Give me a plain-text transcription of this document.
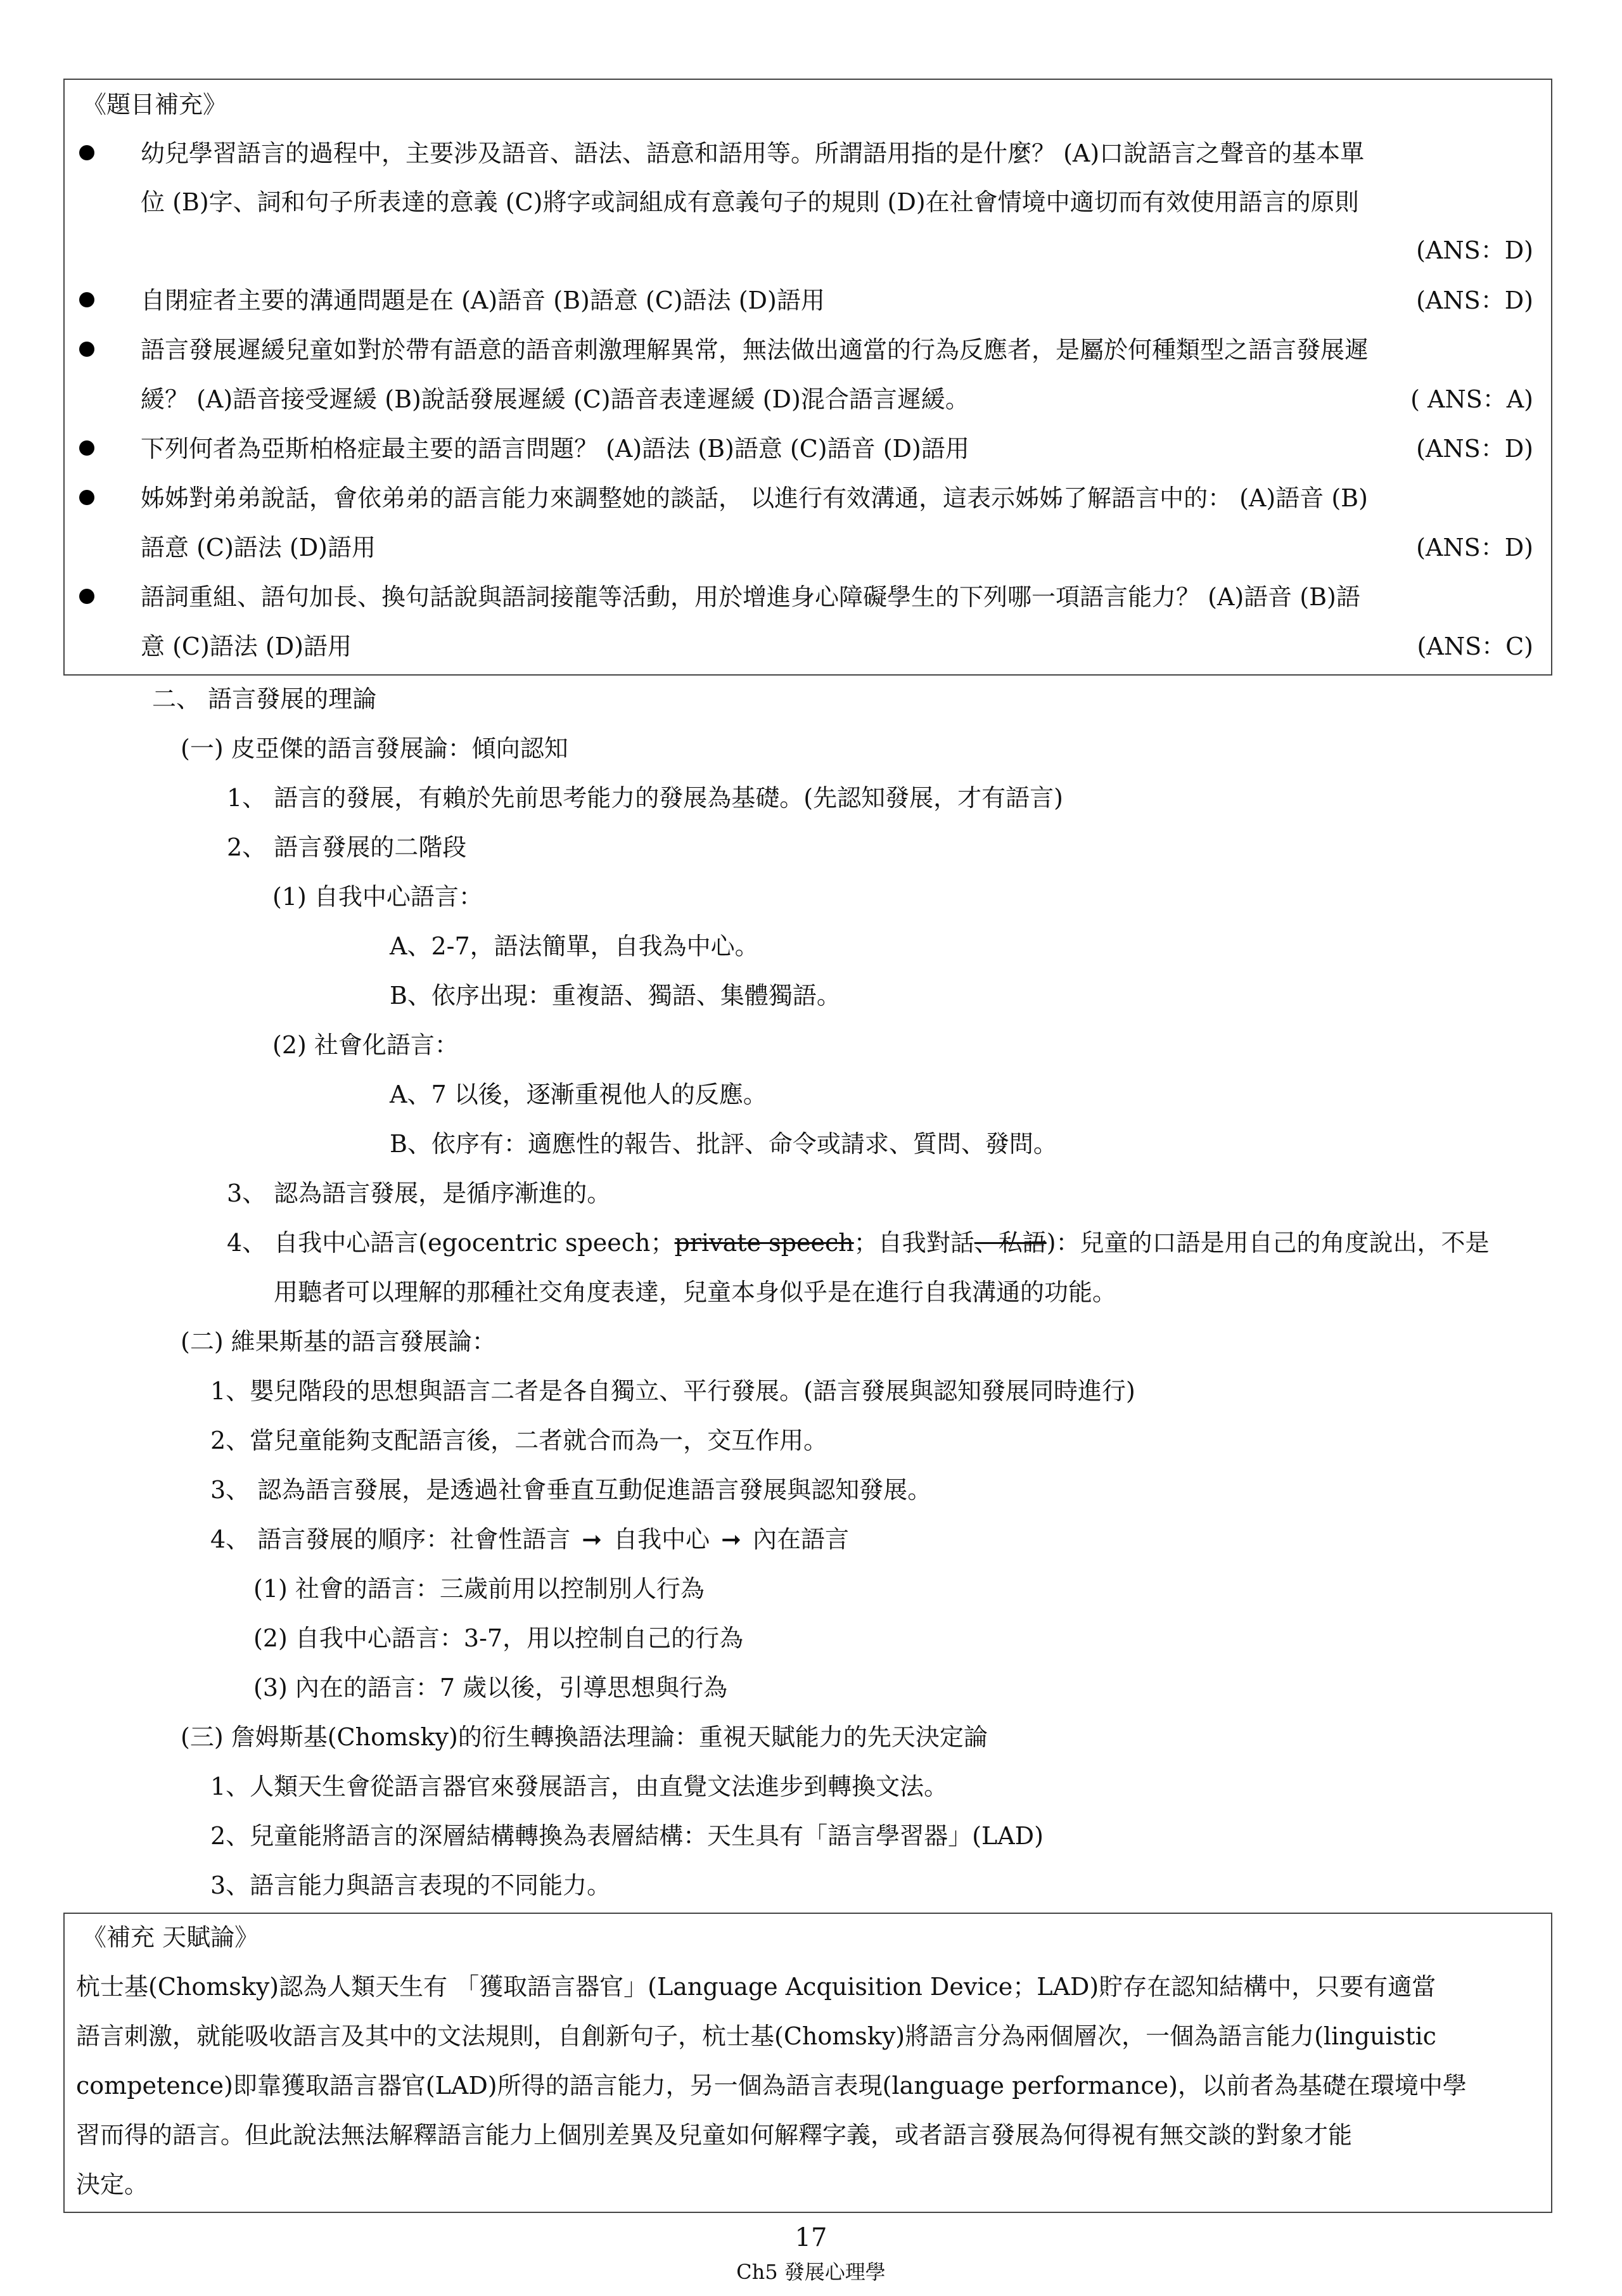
《題目補充》
幼兒學習語言的過程中，主要涉及語音、語法、語意和語用等。所謂語用指的是什麼？ (A)口說語言之聲音的基本單
位 (B)字、詞和句子所表達的意義 (C)將字或詞組成有意義句子的規則 (D)在社會情境中適切而有效使用語言的原則
(ANS：D)
自閉症者主要的溝通問題是在 (A)語音 (B)語意 (C)語法 (D)語用	(ANS：D)
語言發展遲緩兒童如對於帶有語意的語音刺激理解異常，無法做出適當的行為反應者，是屬於何種類型之語言發展遲
緩？ (A)語音接受遲緩 (B)說話發展遲緩 (C)語音表達遲緩 (D)混合語言遲緩。	( ANS：A)
下列何者為亞斯柏格症最主要的語言問題？ (A)語法 (B)語意 (C)語音 (D)語用	(ANS：D)
姊姊對弟弟說話，會依弟弟的語言能力來調整她的談話， 以進行有效溝通，這表示姊姊了解語言中的： (A)語音 (B)
語意 (C)語法 (D)語用	(ANS：D)
語詞重組、語句加長、換句話說與語詞接龍等活動，用於增進身心障礙學生的下列哪一項語言能力？ (A)語音 (B)語
意 (C)語法 (D)語用	(ANS：C)
二、 語言發展的理論
(一) 皮亞傑的語言發展論：傾向認知
1、 語言的發展，有賴於先前思考能力的發展為基礎。(先認知發展，才有語言)
2、 語言發展的二階段
(1) 自我中心語言：
A、2-7，語法簡單，自我為中心。
B、依序出現：重複語、獨語、集體獨語。
(2) 社會化語言：
A、7 以後，逐漸重視他人的反應。
B、依序有：適應性的報告、批評、命令或請求、質問、發問。
3、 認為語言發展，是循序漸進的。
4、 自我中心語言(egocentric speech；private speech；自我對話、私語)：兒童的口語是用自己的角度說出，不是
用聽者可以理解的那種社交角度表達，兒童本身似乎是在進行自我溝通的功能。
(二) 維果斯基的語言發展論：
1、嬰兒階段的思想與語言二者是各自獨立、平行發展。(語言發展與認知發展同時進行)
2、當兒童能夠支配語言後，二者就合而為一，交互作用。
3、 認為語言發展，是透過社會垂直互動促進語言發展與認知發展。
4、 語言發展的順序：社會性語言 ➞ 自我中心 ➞ 內在語言
(1) 社會的語言：三歲前用以控制別人行為
(2) 自我中心語言：3-7，用以控制自己的行為
(3) 內在的語言：7 歲以後，引導思想與行為
(三) 詹姆斯基(Chomsky)的衍生轉換語法理論：重視天賦能力的先天決定論
1、人類天生會從語言器官來發展語言，由直覺文法進步到轉換文法。
2、兒童能將語言的深層結構轉換為表層結構：天生具有「語言學習器」(LAD)
3、語言能力與語言表現的不同能力。
《補充 天賦論》
杭士基(Chomsky)認為人類天生有 「獲取語言器官」(Language Acquisition Device；LAD)貯存在認知結構中，只要有適當
語言刺激，就能吸收語言及其中的文法規則，自創新句子，杭士基(Chomsky)將語言分為兩個層次，一個為語言能力(linguistic
competence)即靠獲取語言器官(LAD)所得的語言能力，另一個為語言表現(language performance)，以前者為基礎在環境中學
習而得的語言。但此說法無法解釋語言能力上個別差異及兒童如何解釋字義，或者語言發展為何得視有無交談的對象才能
決定。
17
Ch5 發展心理學
